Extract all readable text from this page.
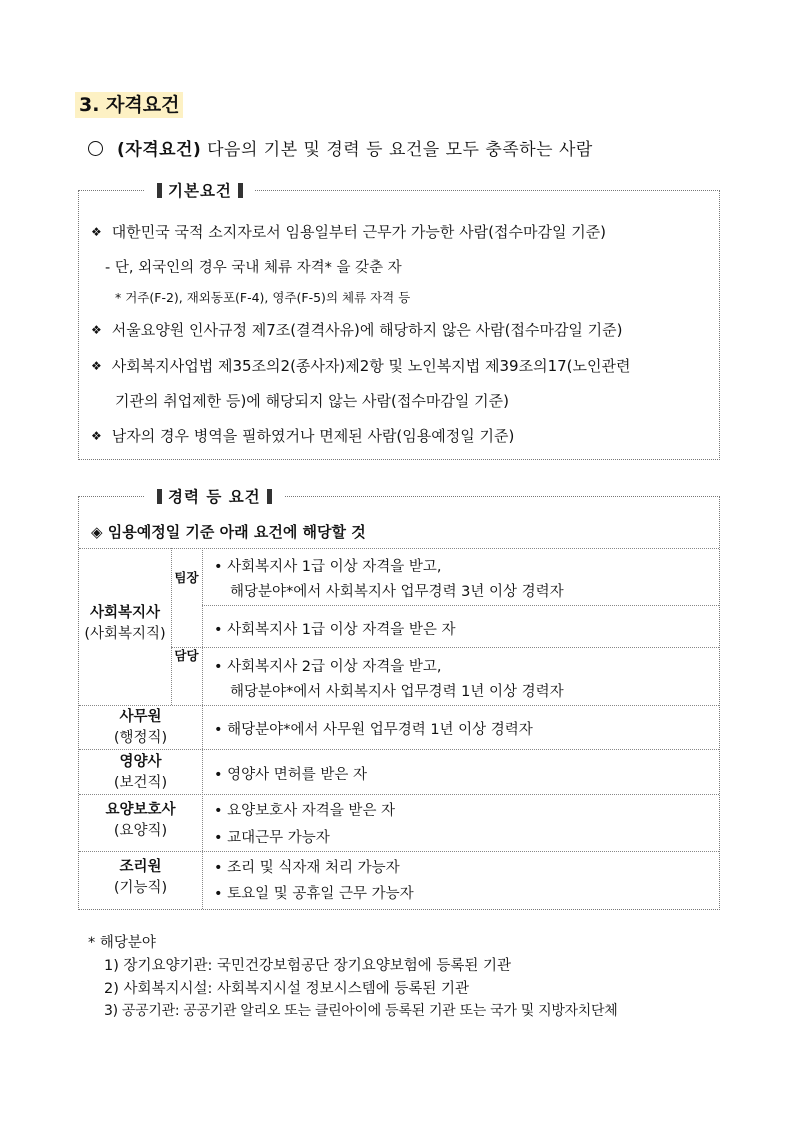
3. 자격요건
(자격요건) 다음의 기본 및 경력 등 요건을 모두 충족하는 사람
기본요건
❖ 대한민국 국적 소지자로서 임용일부터 근무가 가능한 사람(접수마감일 기준)
- 단, 외국인의 경우 국내 체류 자격* 을 갖춘 자
* 거주(F-2), 재외동포(F-4), 영주(F-5)의 체류 자격 등
❖ 서울요양원 인사규정 제7조(결격사유)에 해당하지 않은 사람(접수마감일 기준)
❖ 사회복지사업법 제35조의2(종사자)제2항 및 노인복지법 제39조의17(노인관련
기관의 취업제한 등)에 해당되지 않는 사람(접수마감일 기준)
❖ 남자의 경우 병역을 필하였거나 면제된 사람(임용예정일 기준)
경력 등 요건
◈ 임용예정일 기준 아래 요건에 해당할 것
사회복지사
(사회복지직)
팀장
담당
사무원
(행정직)
영양사
(보건직)
요양보호사
(요양직)
조리원
(기능직)
• 사회복지사 1급 이상 자격을 받고,
해당분야*에서 사회복지사 업무경력 3년 이상 경력자
• 사회복지사 1급 이상 자격을 받은 자
• 사회복지사 2급 이상 자격을 받고,
해당분야*에서 사회복지사 업무경력 1년 이상 경력자
• 해당분야*에서 사무원 업무경력 1년 이상 경력자
• 영양사 면허를 받은 자
• 요양보호사 자격을 받은 자
• 교대근무 가능자
• 조리 및 식자재 처리 가능자
• 토요일 및 공휴일 근무 가능자
* 해당분야
1) 장기요양기관: 국민건강보험공단 장기요양보험에 등록된 기관
2) 사회복지시설: 사회복지시설 정보시스템에 등록된 기관
3) 공공기관: 공공기관 알리오 또는 클린아이에 등록된 기관 또는 국가 및 지방자치단체
